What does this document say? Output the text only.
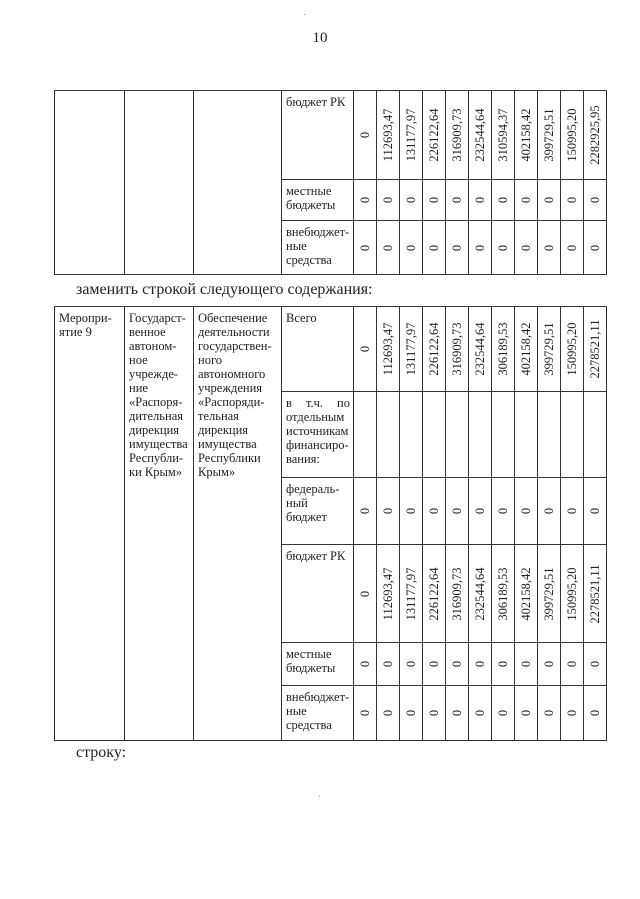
10
·
·

			бюджет РК	0	112693,47	131177,97	226122,64	316909,73	232544,64	310594,37	402158,42	399729,51	150995,20	2282925,95

			местные бюджеты	0	0	0	0	0	0	0	0	0	0	0

			внебюджет-ные средства	0	0	0	0	0	0	0	0	0	0	0
заменить строкой следующего содержания:
Меропри-ятие 9	Государст-венное автоном-ное учрежде-ние «Распоря-дительная дирекция имущества Республи-ки Крым»	Обеспечение деятельности государствен-ного автономного учреждения «Распоряди-тельная дирекция имущества Республики Крым»	Всего	0	112693,47	131177,97	226122,64	316909,73	232544,64	306189,53	402158,42	399729,51	150995,20	2278521,11

			в т.ч. по отдельным источникам финансиро-вания:											

			федераль-ный бюджет	0	0	0	0	0	0	0	0	0	0	0

			бюджет РК	0	112693,47	131177,97	226122,64	316909,73	232544,64	306189,53	402158,42	399729,51	150995,20	2278521,11

			местные бюджеты	0	0	0	0	0	0	0	0	0	0	0

			внебюджет-ные средства	0	0	0	0	0	0	0	0	0	0	0
строку:
